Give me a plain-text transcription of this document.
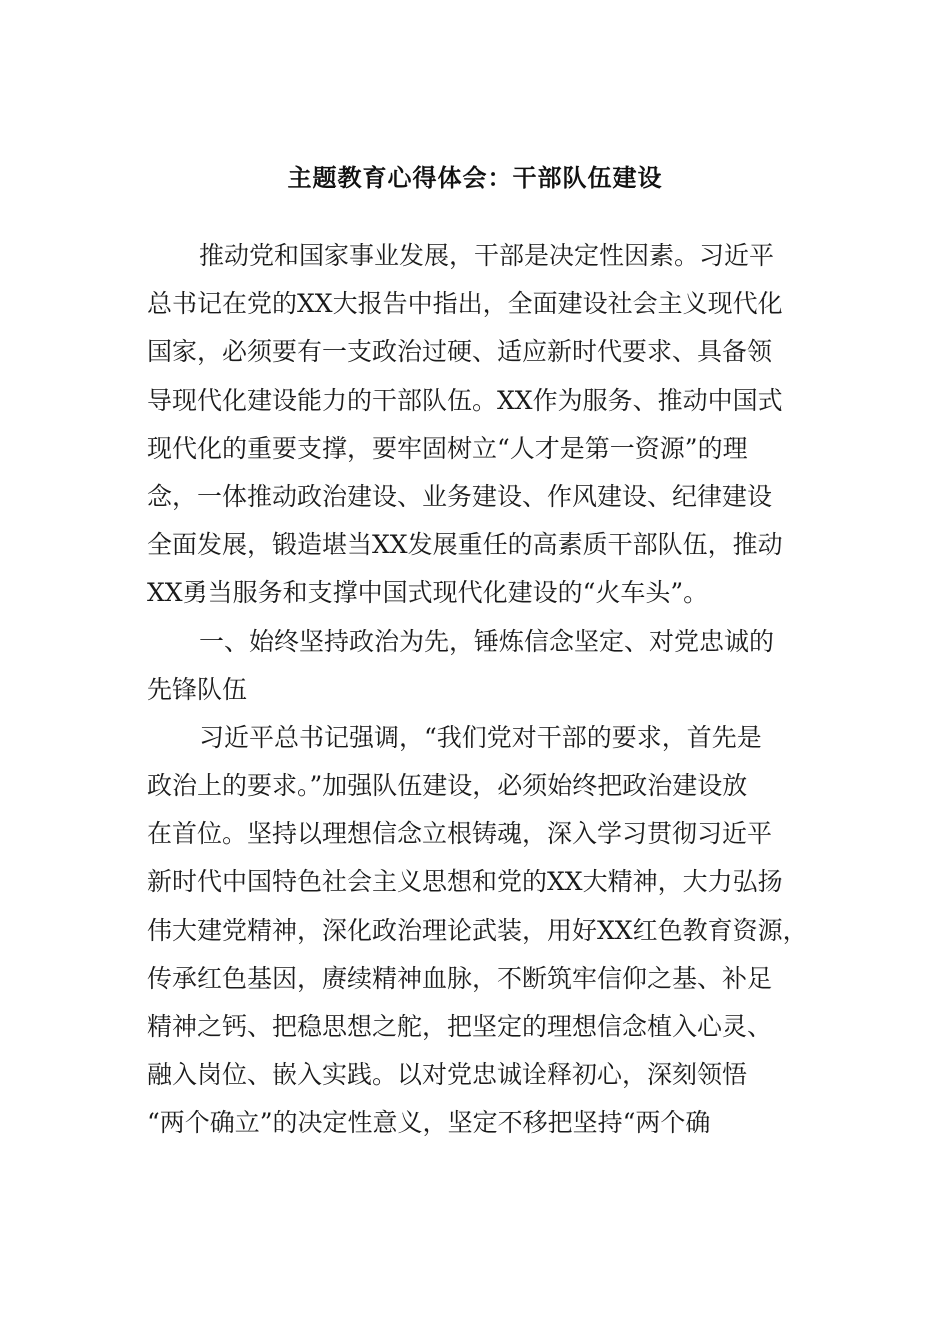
主题教育心得体会：干部队伍建设
推动党和国家事业发展，干部是决定性因素。习近平
总书记在党的XX大报告中指出，全面建设社会主义现代化
国家，必须要有一支政治过硬、适应新时代要求、具备领
导现代化建设能力的干部队伍。XX作为服务、推动中国式
现代化的重要支撑，要牢固树立“人才是第一资源”的理
念，一体推动政治建设、业务建设、作风建设、纪律建设
全面发展，锻造堪当XX发展重任的高素质干部队伍，推动
XX勇当服务和支撑中国式现代化建设的“火车头”。
一、始终坚持政治为先，锤炼信念坚定、对党忠诚的
先锋队伍
习近平总书记强调，“我们党对干部的要求，首先是
政治上的要求。”加强队伍建设，必须始终把政治建设放
在首位。坚持以理想信念立根铸魂，深入学习贯彻习近平
新时代中国特色社会主义思想和党的XX大精神，大力弘扬
伟大建党精神，深化政治理论武装，用好XX红色教育资源，
传承红色基因，赓续精神血脉，不断筑牢信仰之基、补足
精神之钙、把稳思想之舵，把坚定的理想信念植入心灵、
融入岗位、嵌入实践。以对党忠诚诠释初心，深刻领悟
“两个确立”的决定性意义，坚定不移把坚持“两个确
